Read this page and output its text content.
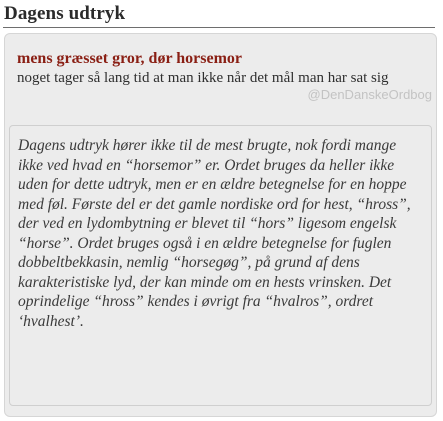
Dagens udtryk

mens græsset gror, dør horsemor

noget tager så lang tid at man ikke når det mål man har sat sig

@DenDanskeOrdbog

Dagens udtryk hører ikke til de mest brugte, nok fordi mange ikke ved hvad en “horsemor” er. Ordet bruges da heller ikke uden for dette udtryk, men er en ældre betegnelse for en hoppe med føl. Første del er det gamle nordiske ord for hest, “hross”, der ved en lydombytning er blevet til “hors” ligesom engelsk “horse”. Ordet bruges også i en ældre betegnelse for fuglen dobbeltbekkasin, nemlig “horsegøg”, på grund af dens karakteristiske lyd, der kan minde om en hests vrinsken. Det oprindelige “hross” kendes i øvrigt fra “hvalros”, ordret ‘hvalhest’.
